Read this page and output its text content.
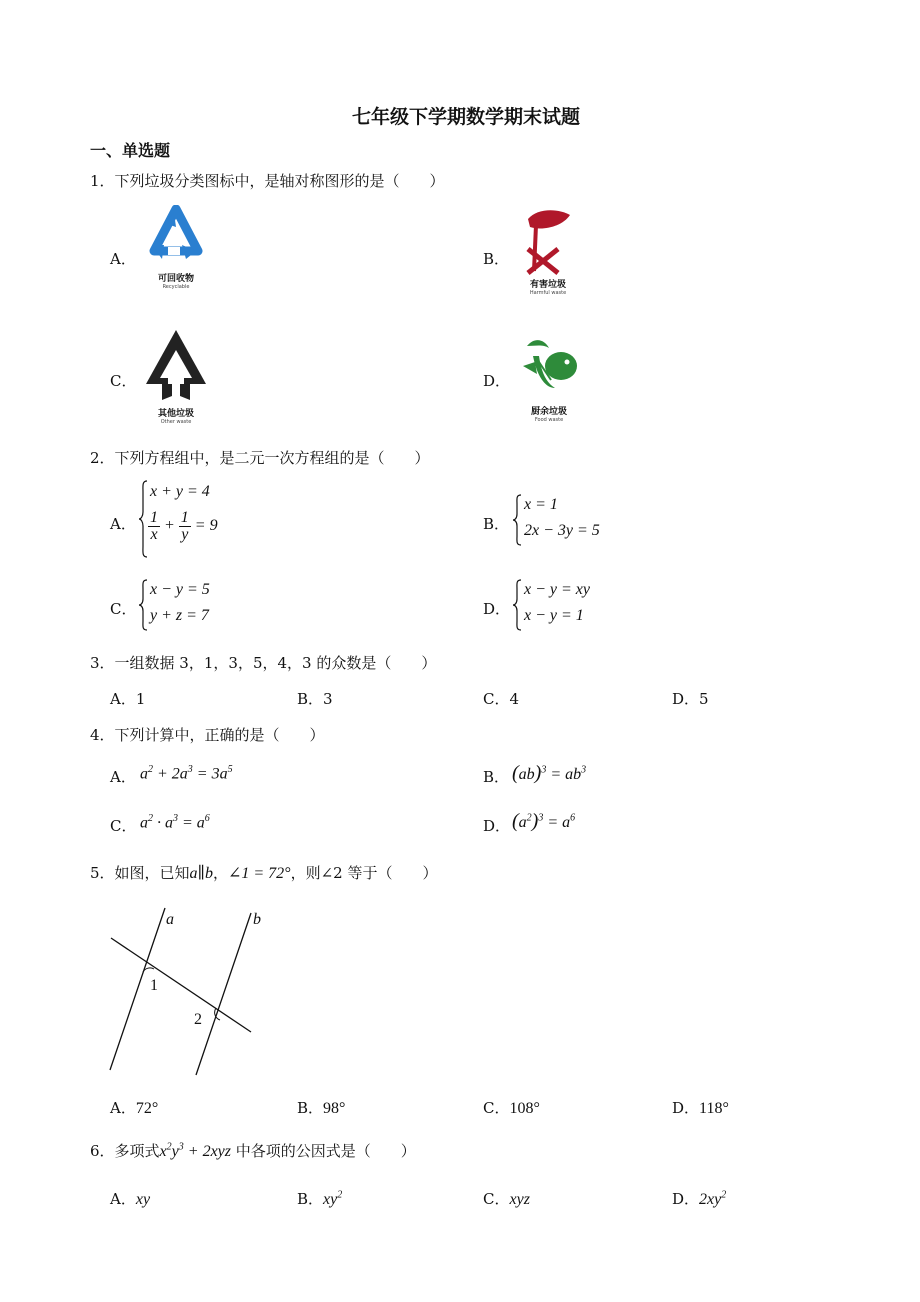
七年级下学期数学期末试题
一、单选题
1．下列垃圾分类图标中，是轴对称图形的是（　　）
A．
可回收物
Recyclable
B．
有害垃圾
Harmful waste
C．
其他垃圾
Other waste
D．
厨余垃圾
Food waste
2．下列方程组中，是二元一次方程组的是（　　）
A．
x + y = 4
$\frac{1}{x} + \frac{1}{y} = 9$	B．
x = 1
2x − 3y = 5
C．
x − y = 5
y + z = 7	D．
x − y = xy
x − y = 1
3．一组数据 3，1，3，5，4，3 的众数是（　　）
A．1	B．3	C．4	D．5
4．下列计算中，正确的是（　　）
A． $a^2 + 2a^3 = 3a^5$	B． $(ab)^3 = ab^3$
C． $a^2 \cdot a^3 = a^6$	D． $(a^2)^3 = a^6$
5．如图，已知a∥b，∠1 = 72°，则∠2 等于（　　）
a	b
1
2
A．72°	B．98°	C．108°	D．118°
6．多项式$x^2y^3 + 2xyz$ 中各项的公因式是（　　）
A．xy	B．$xy^2$	C．xyz	D．$2xy^2$
